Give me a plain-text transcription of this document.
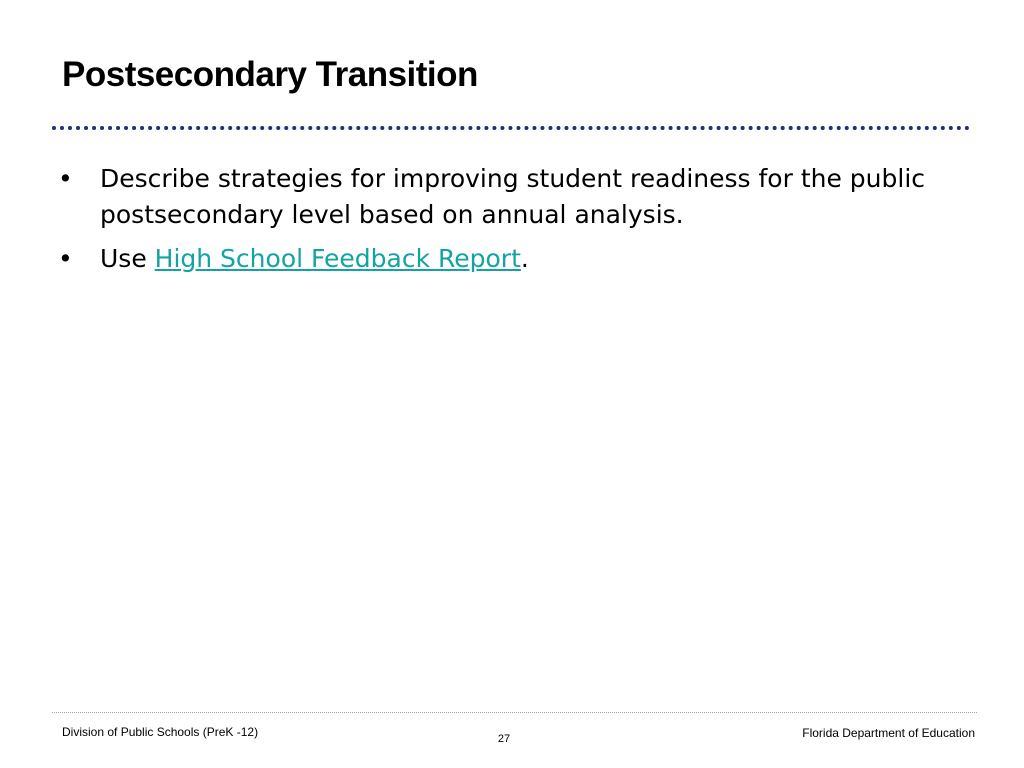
Postsecondary Transition
• Describe strategies for improving student readiness for the public postsecondary level based on annual analysis.
• Use High School Feedback Report.
Division of Public Schools (PreK -12)	27	Florida Department of Education
